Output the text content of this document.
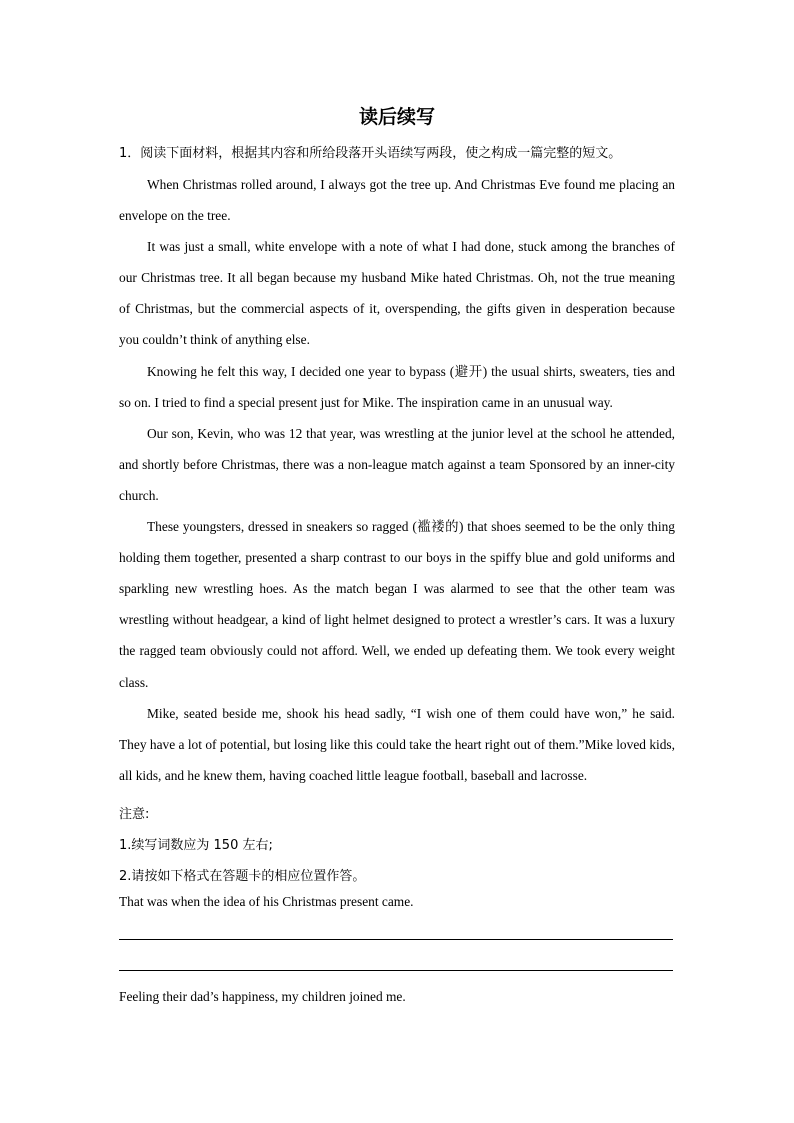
读后续写
1．阅读下面材料，根据其内容和所给段落开头语续写两段，使之构成一篇完整的短文。

When Christmas rolled around, I always got the tree up. And Christmas Eve found me placing an envelope on the tree.

It was just a small, white envelope with a note of what I had done, stuck among the branches of our Christmas tree. It all began because my husband Mike hated Christmas. Oh, not the true meaning of Christmas, but the commercial aspects of it, overspending, the gifts given in desperation because you couldn’t think of anything else.

Knowing he felt this way, I decided one year to bypass (避开) the usual shirts, sweaters, ties and so on. I tried to find a special present just for Mike. The inspiration came in an unusual way.

Our son, Kevin, who was 12 that year, was wrestling at the junior level at the school he attended, and shortly before Christmas, there was a non-league match against a team Sponsored by an inner-city church.

These youngsters, dressed in sneakers so ragged (褴褛的) that shoes seemed to be the only thing holding them together, presented a sharp contrast to our boys in the spiffy blue and gold uniforms and sparkling new wrestling hoes. As the match began I was alarmed to see that the other team was wrestling without headgear, a kind of light helmet designed to protect a wrestler’s cars. It was a luxury the ragged team obviously could not afford. Well, we ended up defeating them. We took every weight class.

Mike, seated beside me, shook his head sadly, “I wish one of them could have won,” he said. They have a lot of potential, but losing like this could take the heart right out of them.”Mike loved kids, all kids, and he knew them, having coached little league football, baseball and lacrosse.

注意:
1.续写词数应为 150 左右;
2.请按如下格式在答题卡的相应位置作答。
That was when the idea of his Christmas present came.
Feeling their dad’s happiness, my children joined me.
